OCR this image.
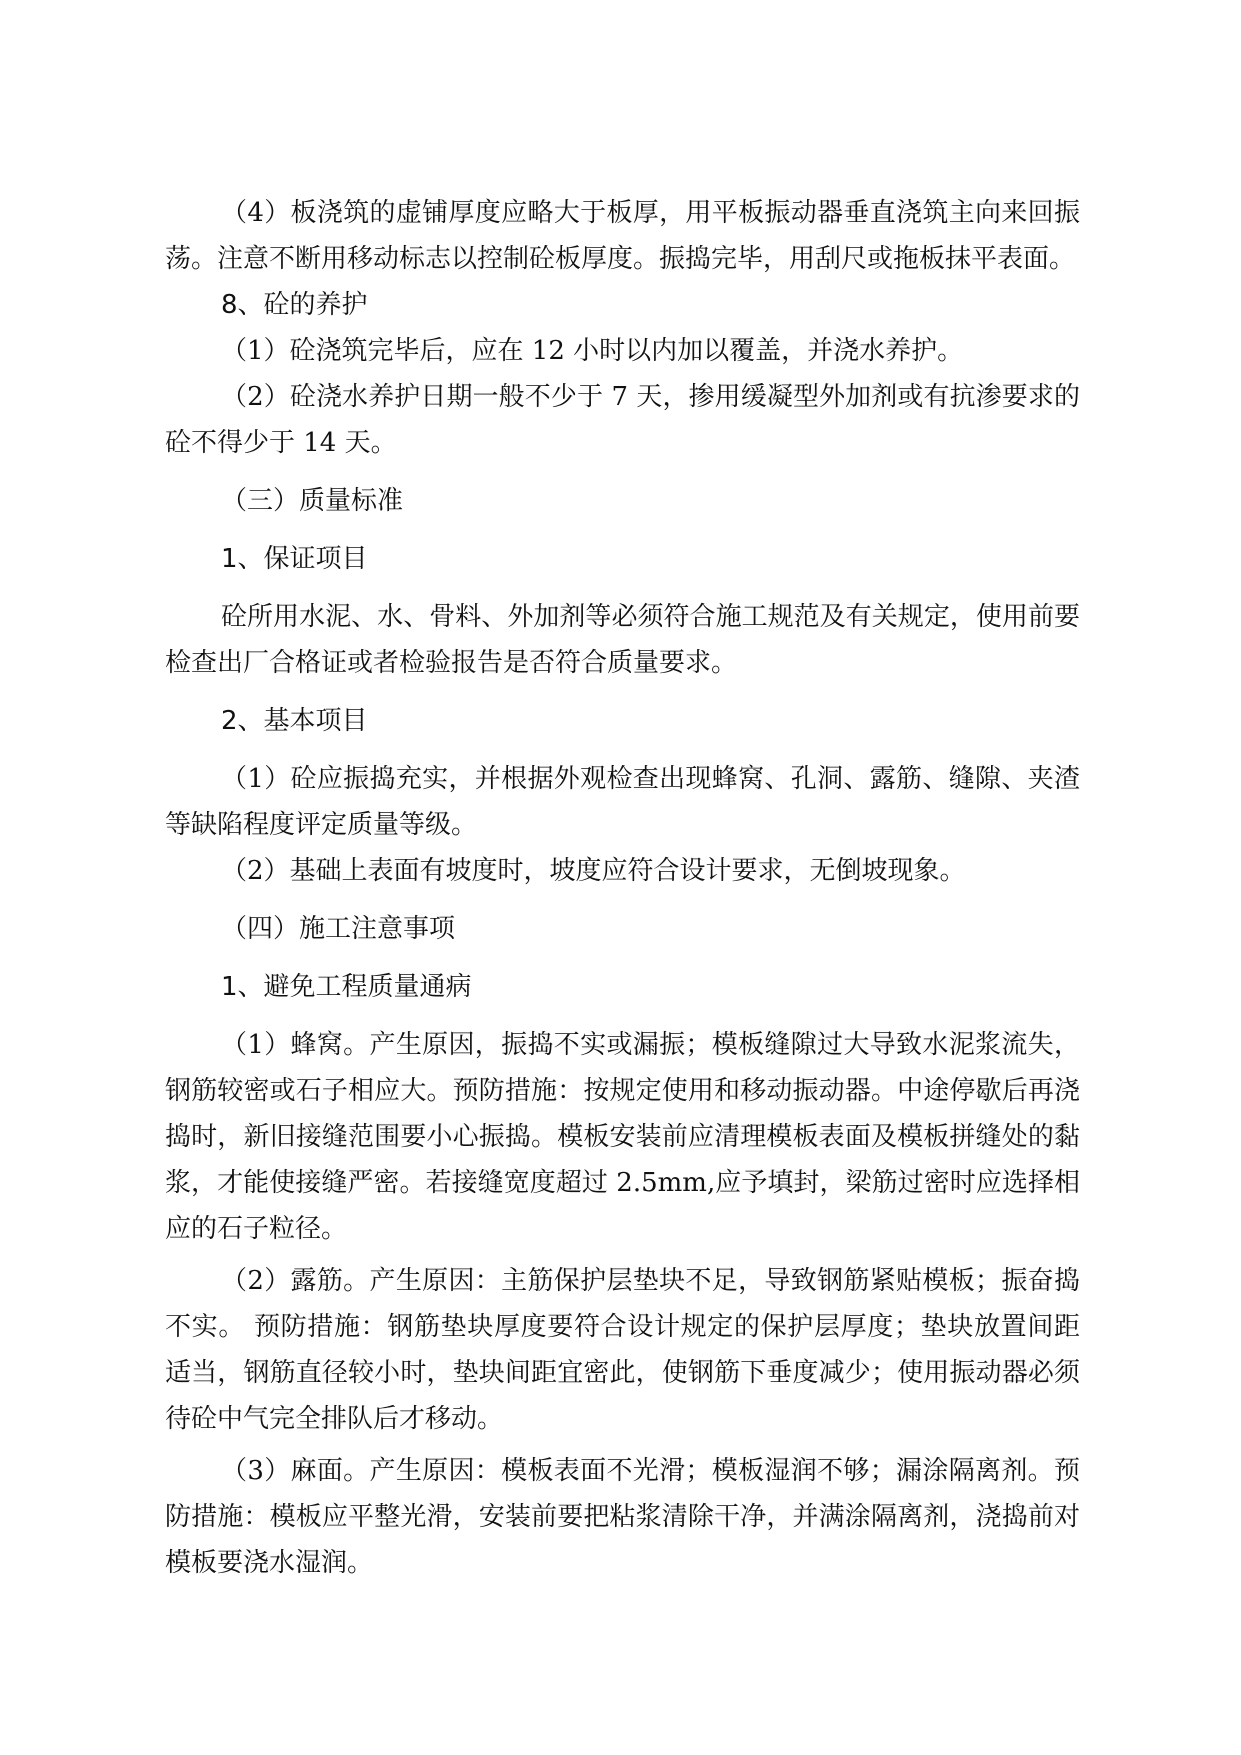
（4）板浇筑的虚铺厚度应略大于板厚，用平板振动器垂直浇筑主向来回振荡。注意不断用移动标志以控制砼板厚度。振捣完毕，用刮尺或拖板抹平表面。

8、砼的养护

（1）砼浇筑完毕后，应在 12 小时以内加以覆盖，并浇水养护。

（2）砼浇水养护日期一般不少于 7 天，掺用缓凝型外加剂或有抗渗要求的砼不得少于 14 天。

（三）质量标准

1、保证项目

砼所用水泥、水、骨料、外加剂等必须符合施工规范及有关规定，使用前要检查出厂合格证或者检验报告是否符合质量要求。

2、基本项目

（1）砼应振捣充实，并根据外观检查出现蜂窝、孔洞、露筋、缝隙、夹渣等缺陷程度评定质量等级。

（2）基础上表面有坡度时，坡度应符合设计要求，无倒坡现象。

（四）施工注意事项

1、避免工程质量通病

（1）蜂窝。产生原因，振捣不实或漏振；模板缝隙过大导致水泥浆流失，钢筋较密或石子相应大。预防措施：按规定使用和移动振动器。中途停歇后再浇捣时，新旧接缝范围要小心振捣。模板安装前应清理模板表面及模板拼缝处的黏浆，才能使接缝严密。若接缝宽度超过 2.5mm,应予填封，梁筋过密时应选择相应的石子粒径。

（2）露筋。产生原因：主筋保护层垫块不足，导致钢筋紧贴模板；振奋捣不实。 预防措施：钢筋垫块厚度要符合设计规定的保护层厚度；垫块放置间距适当，钢筋直径较小时，垫块间距宜密此，使钢筋下垂度减少；使用振动器必须待砼中气完全排队后才移动。

（3）麻面。产生原因：模板表面不光滑；模板湿润不够；漏涂隔离剂。预防措施：模板应平整光滑，安装前要把粘浆清除干净，并满涂隔离剂，浇捣前对模板要浇水湿润。
